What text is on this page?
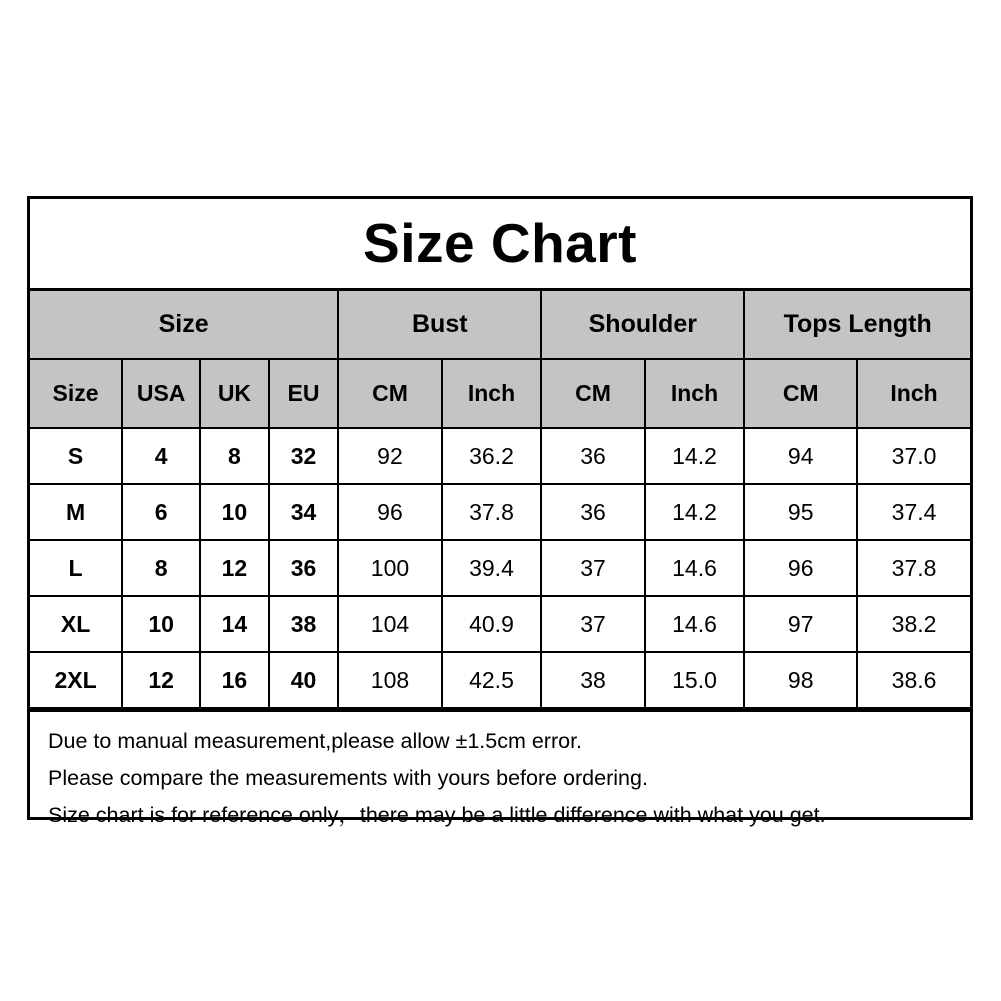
Size Chart
Size				Bust		Shoulder		Tops Length	
Size	USA	UK	EU	CM	Inch	CM	Inch	CM	Inch
S	4	8	32	92	36.2	36	14.2	94	37.0
M	6	10	34	96	37.8	36	14.2	95	37.4
L	8	12	36	100	39.4	37	14.6	96	37.8
XL	10	14	38	104	40.9	37	14.6	97	38.2
2XL	12	16	40	108	42.5	38	15.0	98	38.6

Due to manual measurement,please allow ±1.5cm error.

Please compare the measurements with yours before ordering.

Size chart is for reference only，there may be a little difference with what you get.
